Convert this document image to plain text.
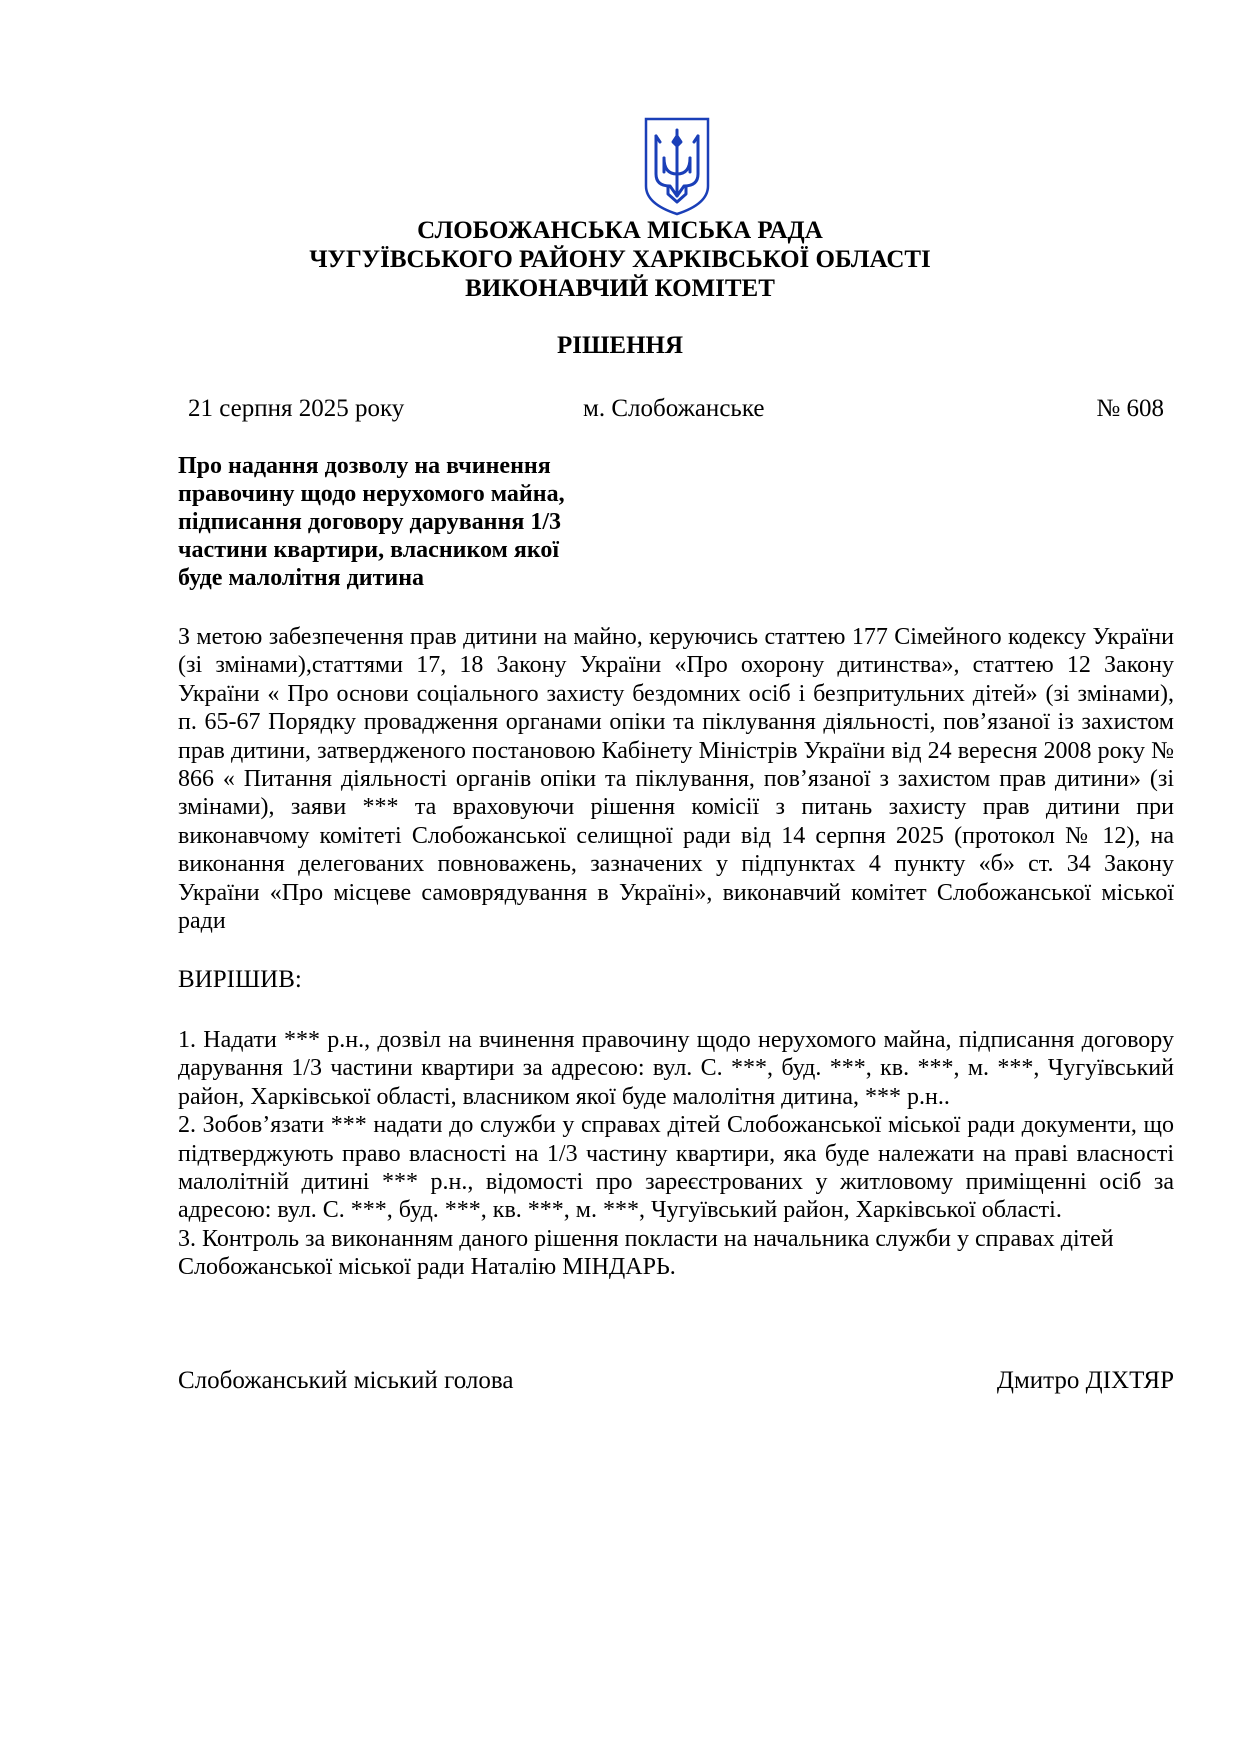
СЛОБОЖАНСЬКА МІСЬКА РАДА
ЧУГУЇВСЬКОГО РАЙОНУ ХАРКІВСЬКОЇ ОБЛАСТІ
ВИКОНАВЧИЙ КОМІТЕТ
РІШЕННЯ
21 серпня 2025 року	м. Слобожанське	№ 608
Про надання дозволу на вчинення
правочину щодо нерухомого майна,
підписання договору дарування 1/3
частини квартири, власником якої
буде малолітня дитина
З метою забезпечення прав дитини на майно, керуючись статтею 177 Сімейного кодексу України (зі змінами),статтями 17, 18 Закону України «Про охорону дитинства», статтею 12 Закону України « Про основи соціального захисту бездомних осіб і безпритульних дітей» (зі змінами), п. 65-67 Порядку провадження органами опіки та піклування діяльності, пов’язаної із захистом прав дитини, затвердженого постановою Кабінету Міністрів України від 24 вересня 2008 року № 866 « Питання діяльності органів опіки та піклування, пов’язаної з захистом прав дитини» (зі змінами), заяви *** та враховуючи рішення комісії з питань захисту прав дитини при виконавчому комітеті Слобожанської селищної ради від 14 серпня 2025 (протокол № 12), на виконання делегованих повноважень, зазначених у підпунктах 4 пункту «б» ст. 34 Закону України «Про місцеве самоврядування в Україні», виконавчий комітет Слобожанської міської ради
ВИРІШИВ:

1. Надати *** р.н., дозвіл на вчинення правочину щодо нерухомого майна, підписання договору дарування 1/3 частини квартири за адресою: вул. С. ***, буд. ***, кв. ***, м. ***, Чугуївський район, Харківської області, власником якої буде малолітня дитина, *** р.н..

2. Зобов’язати *** надати до служби у справах дітей Слобожанської міської ради документи, що підтверджують право власності на 1/3 частину квартири, яка буде належати на праві власності малолітній дитині *** р.н., відомості про зареєстрованих у житловому приміщенні осіб за адресою: вул. С. ***, буд. ***, кв. ***, м. ***, Чугуївський район, Харківської області.

3. Контроль за виконанням даного рішення покласти на начальника служби у справах дітей Слобожанської міської ради Наталію МІНДАРЬ.

Слобожанський міський голова	Дмитро ДІХТЯР
